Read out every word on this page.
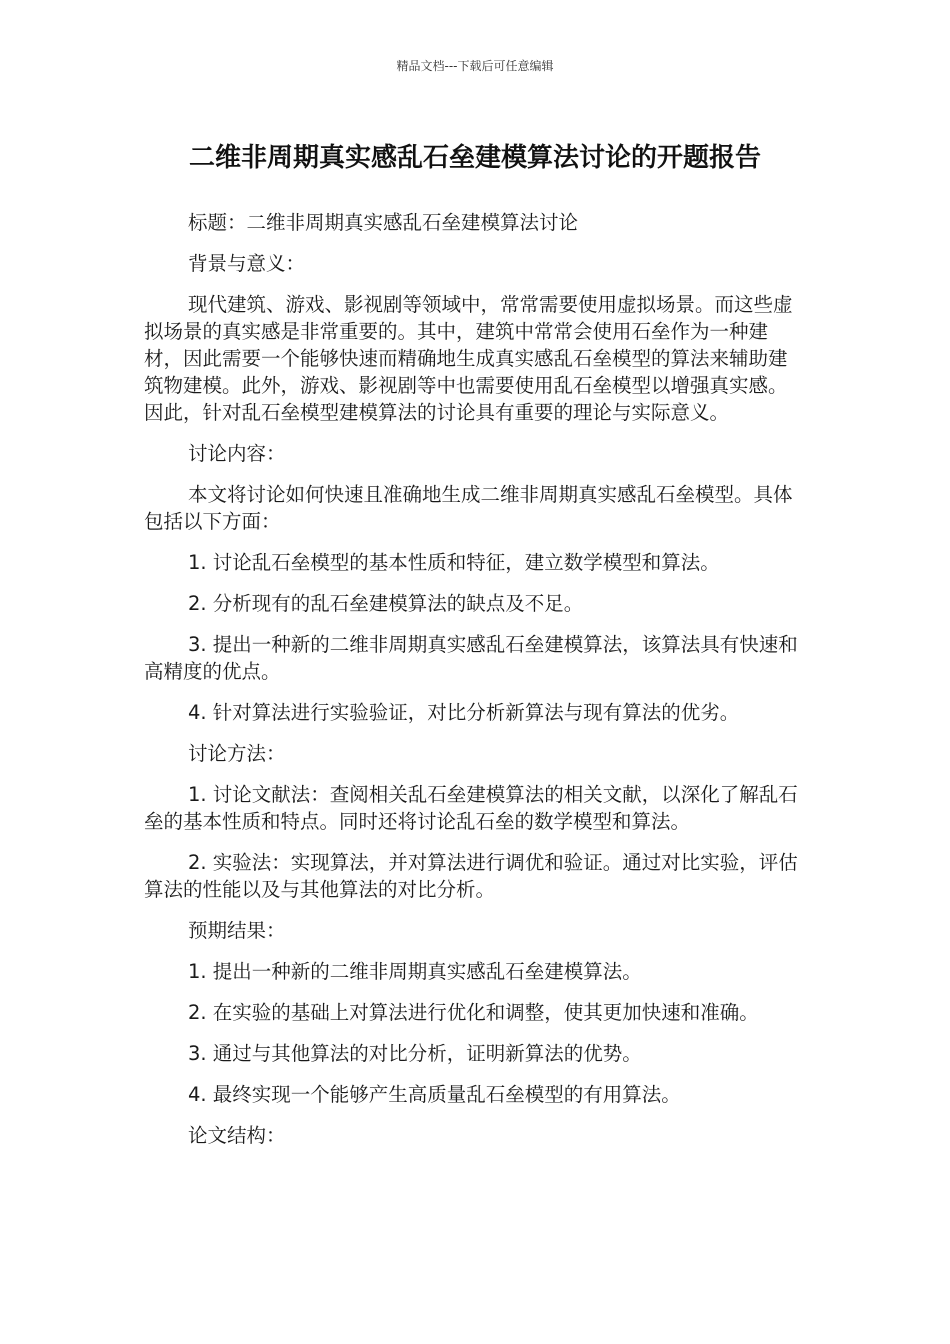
精品文档---下载后可任意编辑
二维非周期真实感乱石垒建模算法讨论的开题报告

标题：二维非周期真实感乱石垒建模算法讨论

背景与意义：

现代建筑、游戏、影视剧等领域中，常常需要使用虚拟场景。而这些虚拟场景的真实感是非常重要的。其中，建筑中常常会使用石垒作为一种建材，因此需要一个能够快速而精确地生成真实感乱石垒模型的算法来辅助建筑物建模。此外，游戏、影视剧等中也需要使用乱石垒模型以增强真实感。因此，针对乱石垒模型建模算法的讨论具有重要的理论与实际意义。

讨论内容：

本文将讨论如何快速且准确地生成二维非周期真实感乱石垒模型。具体包括以下方面：

1. 讨论乱石垒模型的基本性质和特征，建立数学模型和算法。

2. 分析现有的乱石垒建模算法的缺点及不足。

3. 提出一种新的二维非周期真实感乱石垒建模算法，该算法具有快速和高精度的优点。

4. 针对算法进行实验验证，对比分析新算法与现有算法的优劣。

讨论方法：

1. 讨论文献法：查阅相关乱石垒建模算法的相关文献，以深化了解乱石垒的基本性质和特点。同时还将讨论乱石垒的数学模型和算法。

2. 实验法：实现算法，并对算法进行调优和验证。通过对比实验，评估算法的性能以及与其他算法的对比分析。

预期结果：

1. 提出一种新的二维非周期真实感乱石垒建模算法。

2. 在实验的基础上对算法进行优化和调整，使其更加快速和准确。

3. 通过与其他算法的对比分析，证明新算法的优势。

4. 最终实现一个能够产生高质量乱石垒模型的有用算法。

论文结构：
